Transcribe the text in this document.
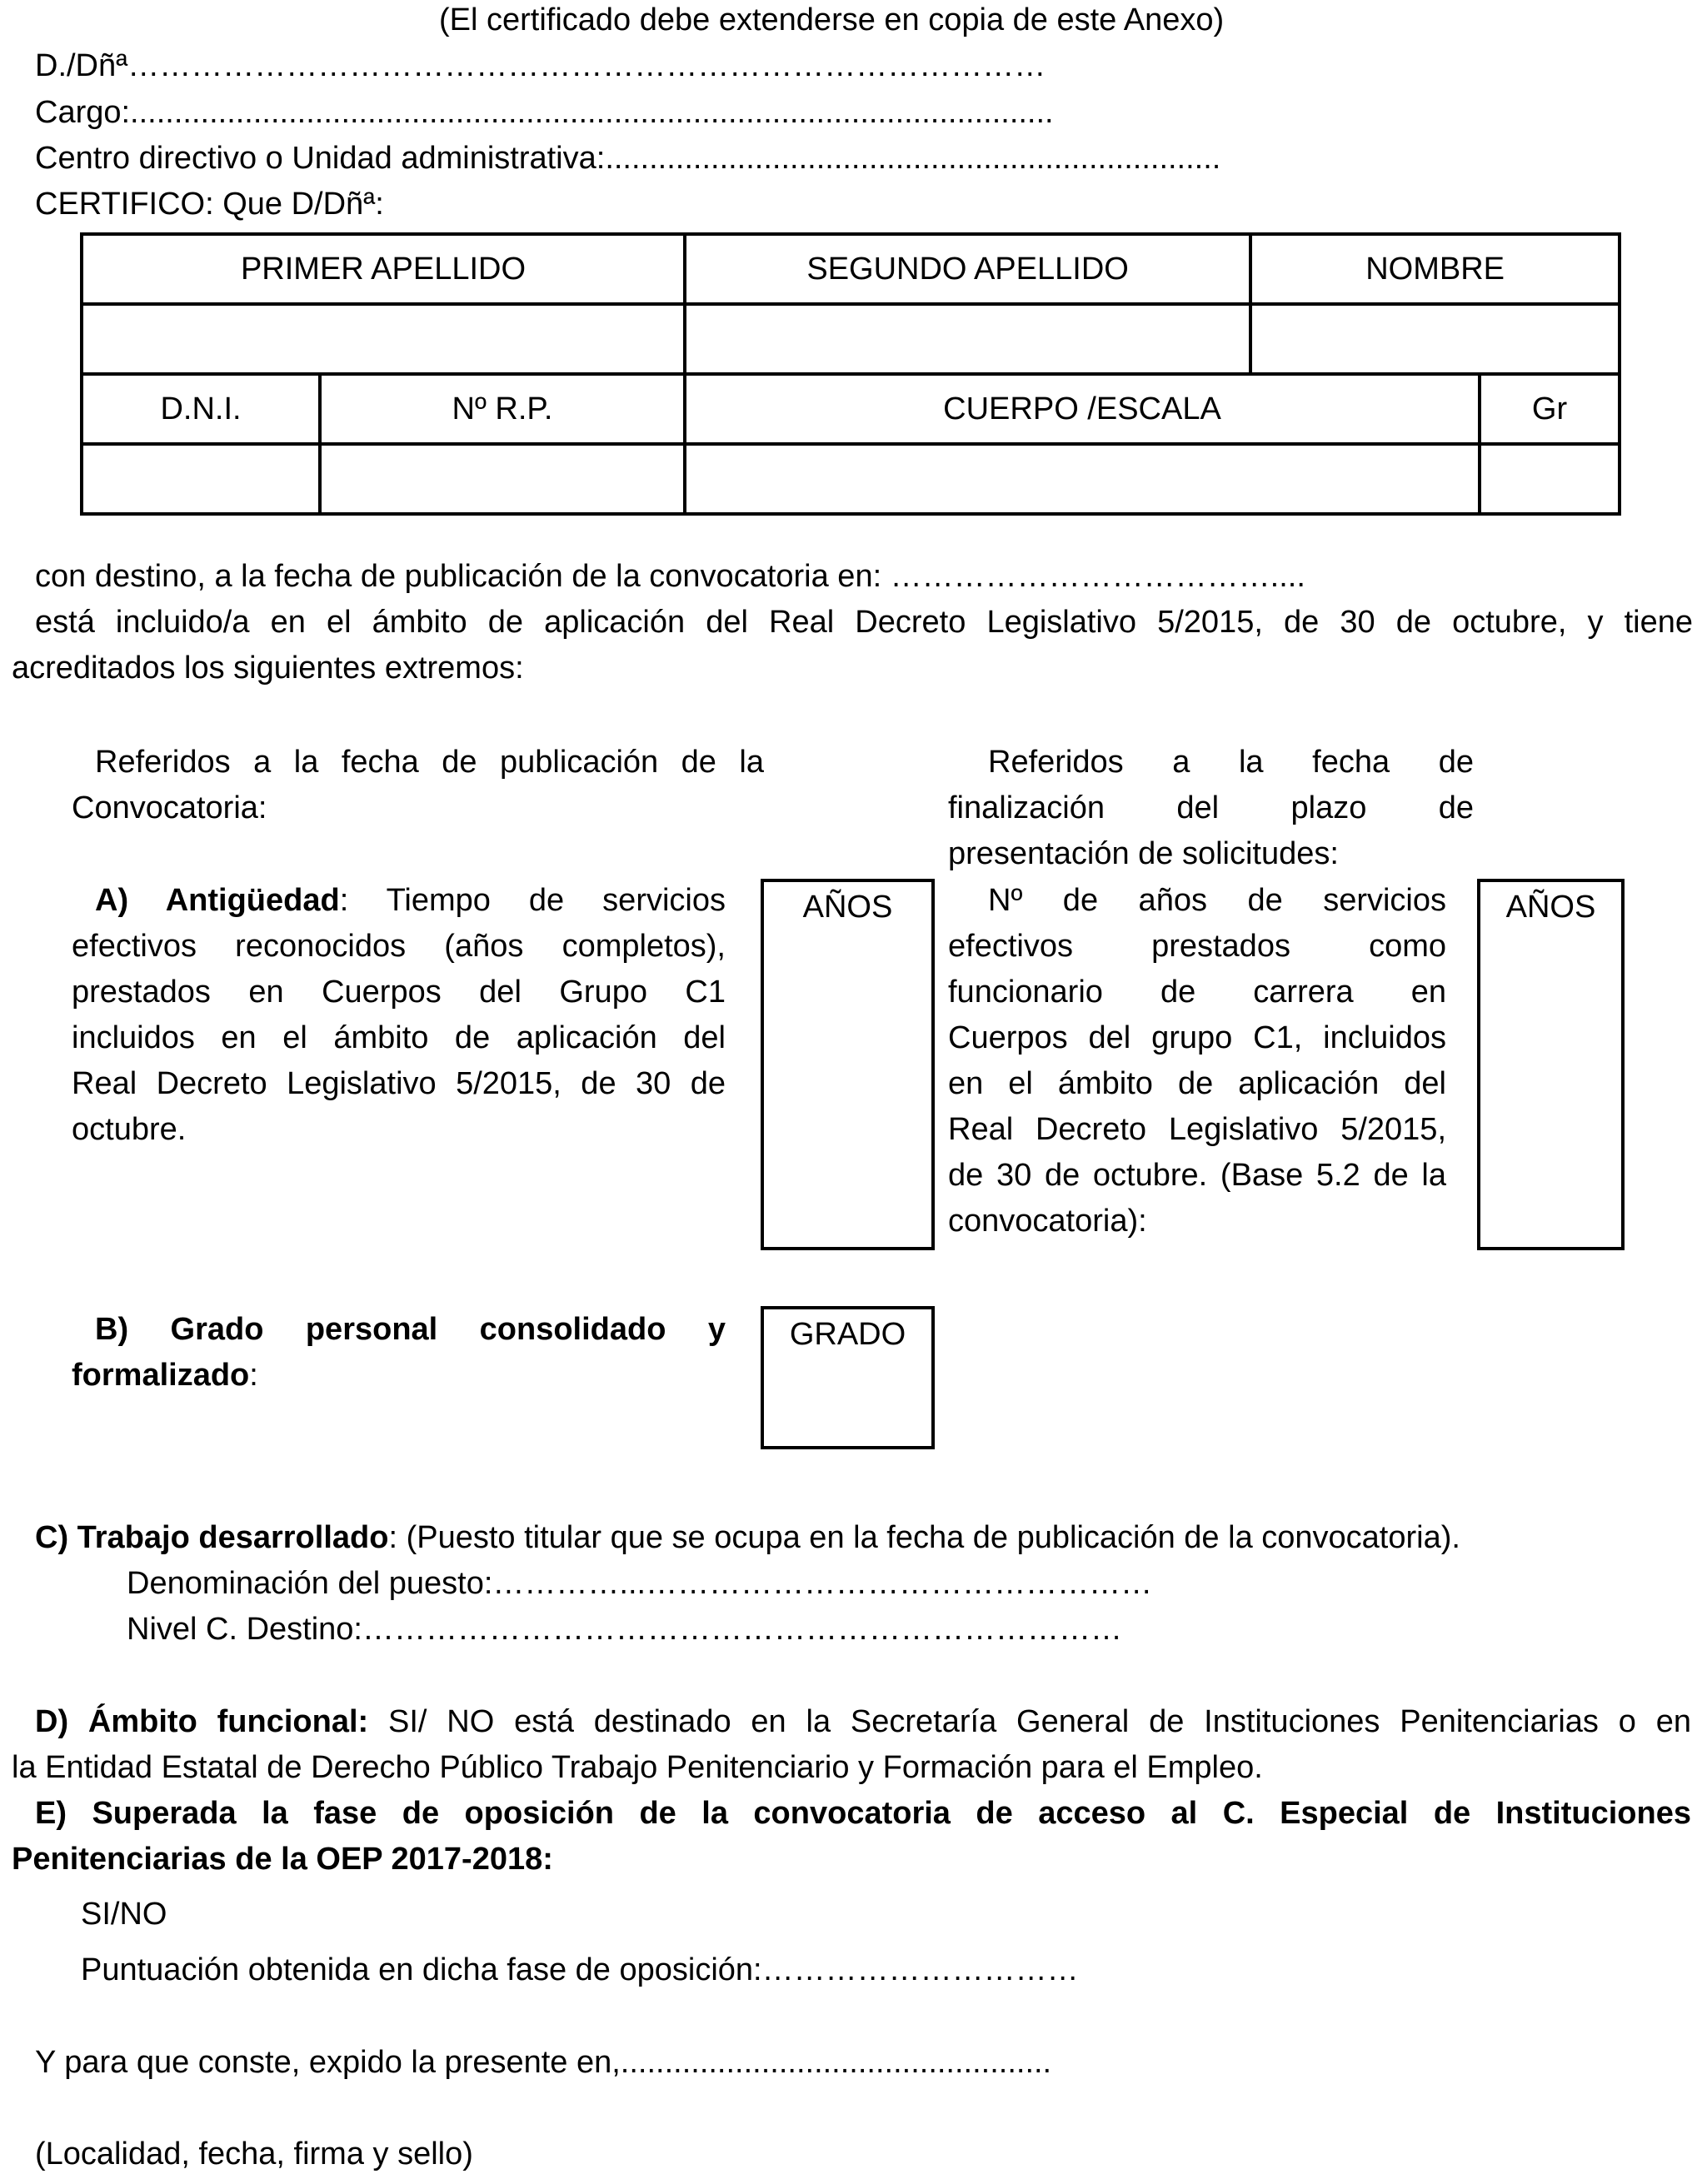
(El certificado debe extenderse en copia de este Anexo)
D./Dñª……………………………………………………………………………
Cargo:.........................................................................................................
Centro directivo o Unidad administrativa:......................................................................
CERTIFICO: Que D/Dñª:
PRIMER APELLIDO		SEGUNDO APELLIDO	NOMBRE	

D.N.I.	Nº R.P.	CUERPO /ESCALA		Gr

con destino, a la fecha de publicación de la convocatoria en: ………………………………....
está incluido/a en el ámbito de aplicación del Real Decreto Legislativo 5/2015, de 30 de octubre, y tiene
acreditados los siguientes extremos:
Referidos a la fecha de publicación de la
Convocatoria:
Referidos a la fecha de
finalización del plazo de
presentación de solicitudes:
A) Antigüedad: Tiempo de servicios
efectivos reconocidos (años completos),
prestados en Cuerpos del Grupo C1
incluidos en el ámbito de aplicación del
Real Decreto Legislativo 5/2015, de 30 de
octubre.
AÑOS	Nº de años de servicios
efectivos prestados como
funcionario de carrera en
Cuerpos del grupo C1, incluidos
en el ámbito de aplicación del
Real Decreto Legislativo 5/2015,
de 30 de octubre. (Base 5.2 de la
convocatoria):
AÑOS
B) Grado personal consolidado y
formalizado:
GRADO
C) Trabajo desarrollado: (Puesto titular que se ocupa en la fecha de publicación de la convocatoria).
Denominación del puesto:…………...…………………………………………
Nivel C. Destino:………………………………………………………………
D) Ámbito funcional: SI/ NO está destinado en la Secretaría General de Instituciones Penitenciarias o en
la Entidad Estatal de Derecho Público Trabajo Penitenciario y Formación para el Empleo.
E) Superada la fase de oposición de la convocatoria de acceso al C. Especial de Instituciones
Penitenciarias de la OEP 2017-2018:
SI/NO
Puntuación obtenida en dicha fase de oposición:…………………………
Y para que conste, expido la presente en,.................................................
(Localidad, fecha, firma y sello)
